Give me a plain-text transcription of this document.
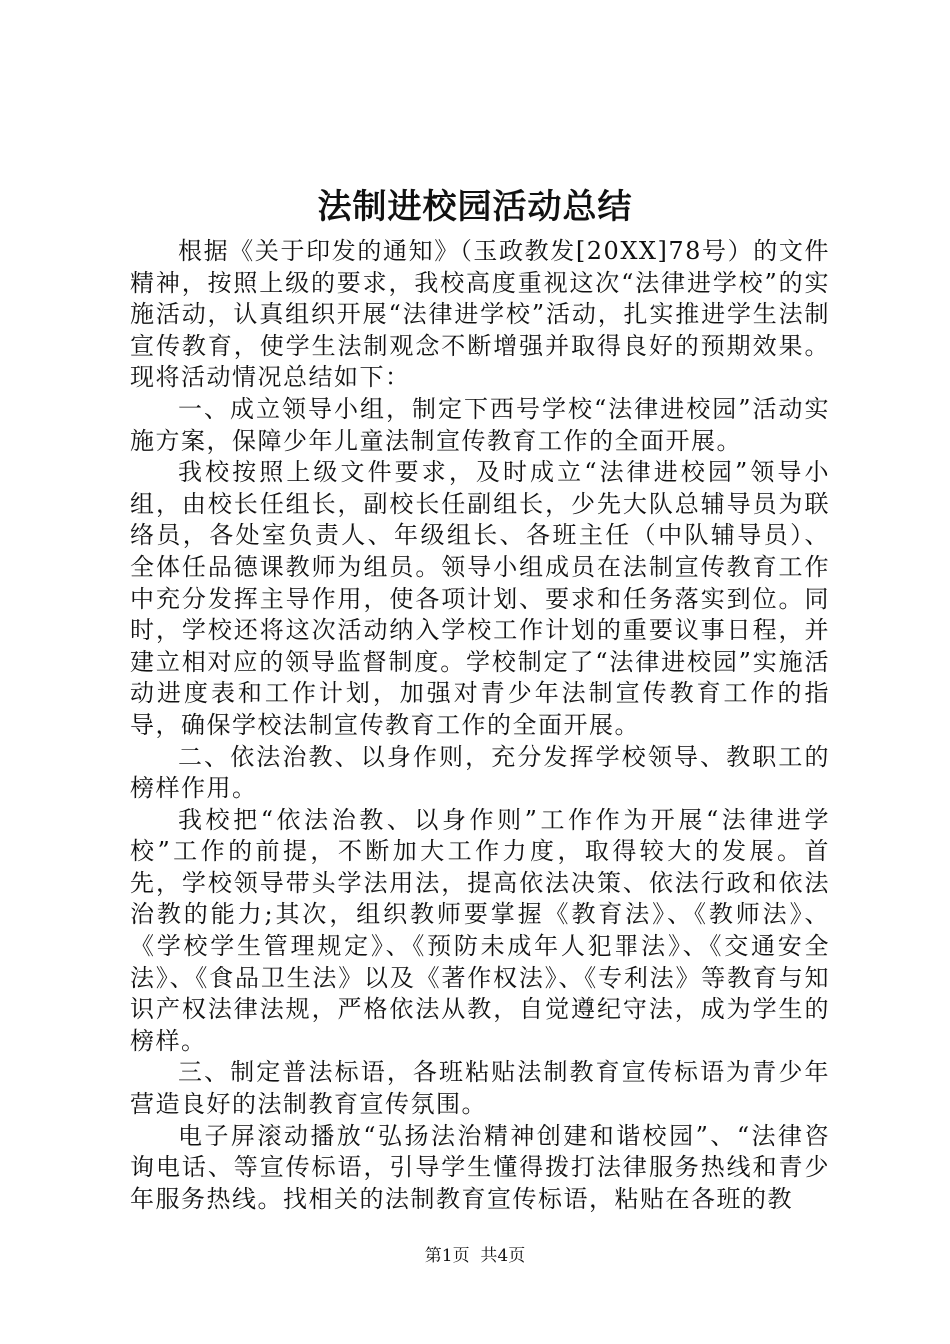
法制进校园活动总结

根据《关于印发的通知》（玉政教发[20XX]78号）的文件精神，按照上级的要求，我校高度重视这次“法律进学校”的实施活动，认真组织开展“法律进学校”活动，扎实推进学生法制宣传教育，使学生法制观念不断增强并取得良好的预期效果。现将活动情况总结如下：

一、成立领导小组，制定下西号学校“法律进校园”活动实施方案，保障少年儿童法制宣传教育工作的全面开展。

我校按照上级文件要求，及时成立“法律进校园”领导小组，由校长任组长，副校长任副组长，少先大队总辅导员为联络员，各处室负责人、年级组长、各班主任（中队辅导员）、全体任品德课教师为组员。领导小组成员在法制宣传教育工作中充分发挥主导作用，使各项计划、要求和任务落实到位。同时，学校还将这次活动纳入学校工作计划的重要议事日程，并建立相对应的领导监督制度。学校制定了“法律进校园”实施活动进度表和工作计划，加强对青少年法制宣传教育工作的指导，确保学校法制宣传教育工作的全面开展。

二、依法治教、以身作则，充分发挥学校领导、教职工的榜样作用。

我校把“依法治教、以身作则”工作作为开展“法律进学校”工作的前提，不断加大工作力度，取得较大的发展。首先，学校领导带头学法用法，提高依法决策、依法行政和依法治教的能力;其次，组织教师要掌握《教育法》、《教师法》、《学校学生管理规定》、《预防未成年人犯罪法》、《交通安全法》、《食品卫生法》以及《著作权法》、《专利法》等教育与知识产权法律法规，严格依法从教，自觉遵纪守法，成为学生的榜样。

三、制定普法标语，各班粘贴法制教育宣传标语为青少年营造良好的法制教育宣传氛围。

电子屏滚动播放“弘扬法治精神创建和谐校园”、“法律咨询电话、等宣传标语，引导学生懂得拨打法律服务热线和青少年服务热线。找相关的法制教育宣传标语，粘贴在各班的教

第1页 共4页
